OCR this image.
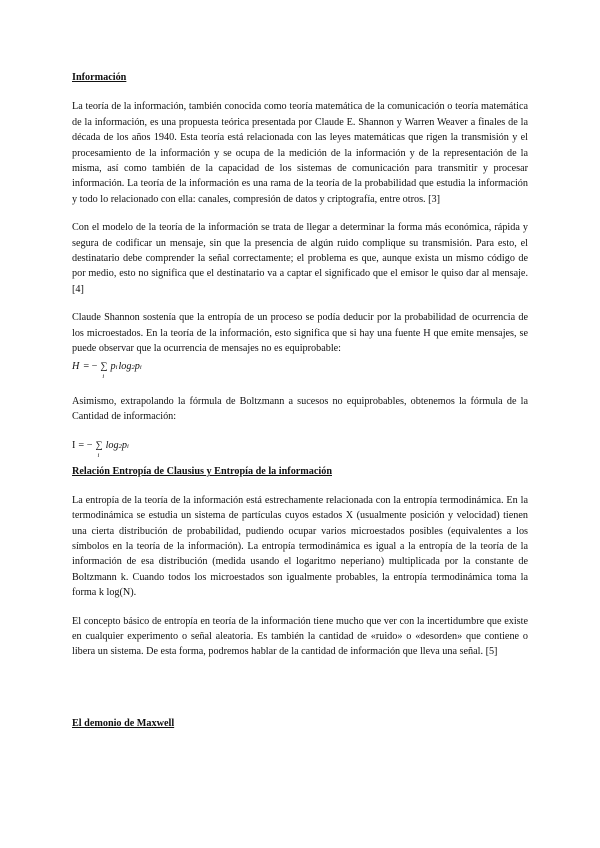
Información

La teoría de la información, también conocida como teoría matemática de la comunicación o teoría matemática de la información, es una propuesta teórica presentada por Claude E. Shannon y Warren Weaver a finales de la década de los años 1940. Esta teoría está relacionada con las leyes matemáticas que rigen la transmisión y el procesamiento de la información y se ocupa de la medición de la información y de la representación de la misma, así como también de la capacidad de los sistemas de comunicación para transmitir y procesar información. La teoría de la información es una rama de la teoría de la probabilidad que estudia la información y todo lo relacionado con ella: canales, compresión de datos y criptografía, entre otros. [3]

Con el modelo de la teoría de la información se trata de llegar a determinar la forma más económica, rápida y segura de codificar un mensaje, sin que la presencia de algún ruido complique su transmisión. Para esto, el destinatario debe comprender la señal correctamente; el problema es que, aunque exista un mismo código de por medio, esto no significa que el destinatario va a captar el significado que el emisor le quiso dar al mensaje. [4]

Claude Shannon sostenía que la entropía de un proceso se podía deducir por la probabilidad de ocurrencia de los microestados. En la teoría de la información, esto significa que si hay una fuente H que emite mensajes, se puede observar que la ocurrencia de mensajes no es equiprobable:

H = − ∑
i
p i log 2 p i

Asimismo, extrapolando la fórmula de Boltzmann a sucesos no equiprobables, obtenemos la fórmula de la Cantidad de información:

I = − ∑
i
log 2 p i
Relación Entropía de Clausius y Entropía de la información

La entropía de la teoría de la información está estrechamente relacionada con la entropía termodinámica. En la termodinámica se estudia un sistema de partículas cuyos estados X (usualmente posición y velocidad) tienen una cierta distribución de probabilidad, pudiendo ocupar varios microestados posibles (equivalentes a los símbolos en la teoría de la información). La entropía termodinámica es igual a la entropía de la teoría de la información de esa distribución (medida usando el logaritmo neperiano) multiplicada por la constante de Boltzmann k. Cuando todos los microestados son igualmente probables, la entropía termodinámica toma la forma k log(N).

El concepto básico de entropía en teoría de la información tiene mucho que ver con la incertidumbre que existe en cualquier experimento o señal aleatoria. Es también la cantidad de «ruido» o «desorden» que contiene o libera un sistema. De esta forma, podremos hablar de la cantidad de información que lleva una señal. [5]

El demonio de Maxwell
